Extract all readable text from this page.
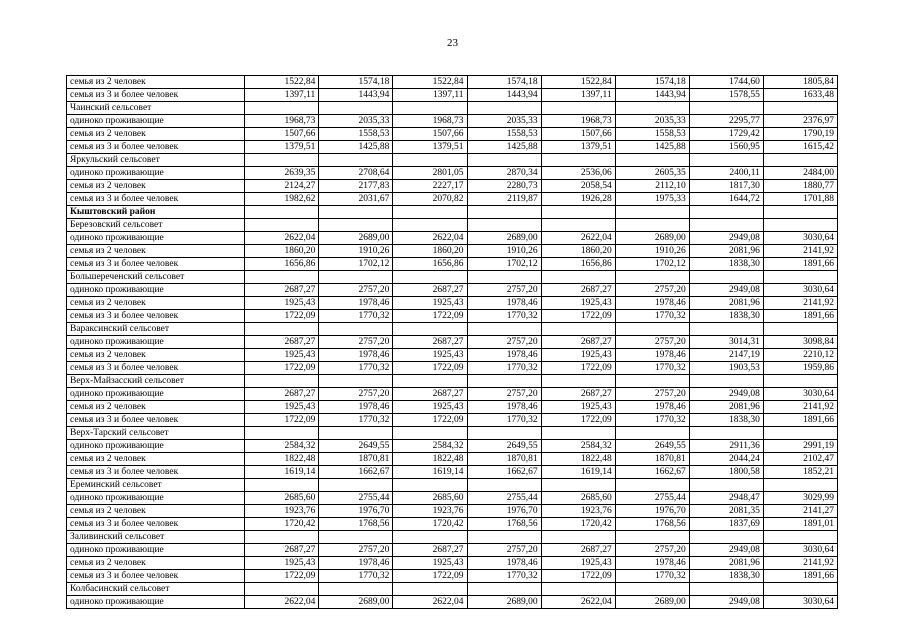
23
семья из 2 человек	1522,84	1574,18	1522,84	1574,18	1522,84	1574,18	1744,60	1805,84
семья из 3 и более человек	1397,11	1443,94	1397,11	1443,94	1397,11	1443,94	1578,55	1633,48
Чаинский сельсовет								
одиноко проживающие	1968,73	2035,33	1968,73	2035,33	1968,73	2035,33	2295,77	2376,97
семья из 2 человек	1507,66	1558,53	1507,66	1558,53	1507,66	1558,53	1729,42	1790,19
семья из 3 и более человек	1379,51	1425,88	1379,51	1425,88	1379,51	1425,88	1560,95	1615,42
Яркульский сельсовет								
одиноко проживающие	2639,35	2708,64	2801,05	2870,34	2536,06	2605,35	2400,11	2484,00
семья из 2 человек	2124,27	2177,83	2227,17	2280,73	2058,54	2112,10	1817,30	1880,77
семья из 3 и более человек	1982,62	2031,67	2070,82	2119,87	1926,28	1975,33	1644,72	1701,88
Кыштовский район								
Березовский сельсовет								
одиноко проживающие	2622,04	2689,00	2622,04	2689,00	2622,04	2689,00	2949,08	3030,64
семья из 2 человек	1860,20	1910,26	1860,20	1910,26	1860,20	1910,26	2081,96	2141,92
семья из 3 и более человек	1656,86	1702,12	1656,86	1702,12	1656,86	1702,12	1838,30	1891,66
Большереченский сельсовет								
одиноко проживающие	2687,27	2757,20	2687,27	2757,20	2687,27	2757,20	2949,08	3030,64
семья из 2 человек	1925,43	1978,46	1925,43	1978,46	1925,43	1978,46	2081,96	2141,92
семья из 3 и более человек	1722,09	1770,32	1722,09	1770,32	1722,09	1770,32	1838,30	1891,66
Вараксинский сельсовет								
одиноко проживающие	2687,27	2757,20	2687,27	2757,20	2687,27	2757,20	3014,31	3098,84
семья из 2 человек	1925,43	1978,46	1925,43	1978,46	1925,43	1978,46	2147,19	2210,12
семья из 3 и более человек	1722,09	1770,32	1722,09	1770,32	1722,09	1770,32	1903,53	1959,86
Верх-Майзасский сельсовет								
одиноко проживающие	2687,27	2757,20	2687,27	2757,20	2687,27	2757,20	2949,08	3030,64
семья из 2 человек	1925,43	1978,46	1925,43	1978,46	1925,43	1978,46	2081,96	2141,92
семья из 3 и более человек	1722,09	1770,32	1722,09	1770,32	1722,09	1770,32	1838,30	1891,66
Верх-Тарский сельсовет								
одиноко проживающие	2584,32	2649,55	2584,32	2649,55	2584,32	2649,55	2911,36	2991,19
семья из 2 человек	1822,48	1870,81	1822,48	1870,81	1822,48	1870,81	2044,24	2102,47
семья из 3 и более человек	1619,14	1662,67	1619,14	1662,67	1619,14	1662,67	1800,58	1852,21
Ереминский сельсовет								
одиноко проживающие	2685,60	2755,44	2685,60	2755,44	2685,60	2755,44	2948,47	3029,99
семья из 2 человек	1923,76	1976,70	1923,76	1976,70	1923,76	1976,70	2081,35	2141,27
семья из 3 и более человек	1720,42	1768,56	1720,42	1768,56	1720,42	1768,56	1837,69	1891,01
Заливинский сельсовет								
одиноко проживающие	2687,27	2757,20	2687,27	2757,20	2687,27	2757,20	2949,08	3030,64
семья из 2 человек	1925,43	1978,46	1925,43	1978,46	1925,43	1978,46	2081,96	2141,92
семья из 3 и более человек	1722,09	1770,32	1722,09	1770,32	1722,09	1770,32	1838,30	1891,66
Колбасинский сельсовет								
одиноко проживающие	2622,04	2689,00	2622,04	2689,00	2622,04	2689,00	2949,08	3030,64
